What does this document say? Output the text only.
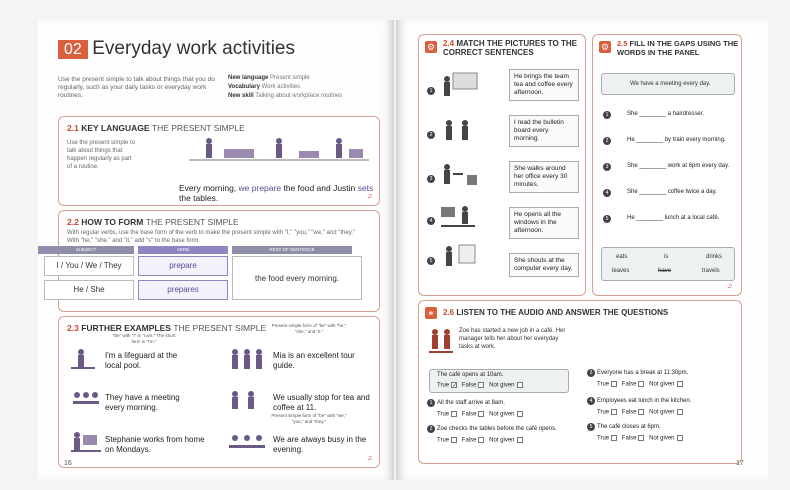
02 Everyday work activities
Use the present simple to talk about things that you do regularly, such as your daily tasks or everyday work routines.
New language Present simple
Vocabulary Work activities
New skill Talking about workplace routines
2.1 KEY LANGUAGE THE PRESENT SIMPLE
Use the present simple to talk about things that happen regularly as part of a routine.
Every morning, we prepare the food and Justin sets the tables.	♫
2.2 HOW TO FORM THE PRESENT SIMPLE
With regular verbs, use the base form of the verb to make the present simple with "I," "you," "we," and "they." With "he," "she," and "it," add "s" to the base form.
SUBJECT	VERB	REST OF SENTENCE
I / You / We / They	prepare
He / She	prepares
the food every morning.
2.3 FURTHER EXAMPLES THE PRESENT SIMPLE
"Be" with "I" is "I am." The short form is "I'm."
Present simple form of "be" with "he," "she," and "it."
Present simple form of "be" with "we," "you," and "they."
I'm a lifeguard at the local pool.
Mia is an excellent tour guide.
They have a meeting every morning.
We usually stop for tea and coffee at 11.
Stephanie works from home on Mondays.
We are always busy in the evening.
♫
16
⚙ 2.4 MATCH THE PICTURES TO THE CORRECT SENTENCES
1
2
3
4
5
He brings the team tea and coffee every afternoon.
I read the bulletin board every morning.
She walks around her office every 30 minutes.
He opens all the windows in the afternoon.
She shouts at the computer every day.
⚙ 2.5 FILL IN THE GAPS USING THE WORDS IN THE PANEL
We have a meeting every day.
She ________ a hairdresser.
He ________ by train every morning.
She ________ work at 6pm every day.
She ________ coffee twice a day.
He ________ lunch at a local café.
1
2
3
4
5
eats	is	drinks
leaves	have	travels
♫
⚭ 2.6 LISTEN TO THE AUDIO AND ANSWER THE QUESTIONS
Zoe has started a new job in a café. Her manager tells her about her everyday tasks at work.
The café opens at 10am.
True ✓ False Not given
1 All the staff arrive at 8am.
True False Not given
2 Zoe checks the tables before the café opens.
True False Not given
3 Everyone has a break at 11:30pm.
True False Not given
4 Employees eat lunch in the kitchen.
True False Not given
5 The café closes at 6pm.
True False Not given
17
